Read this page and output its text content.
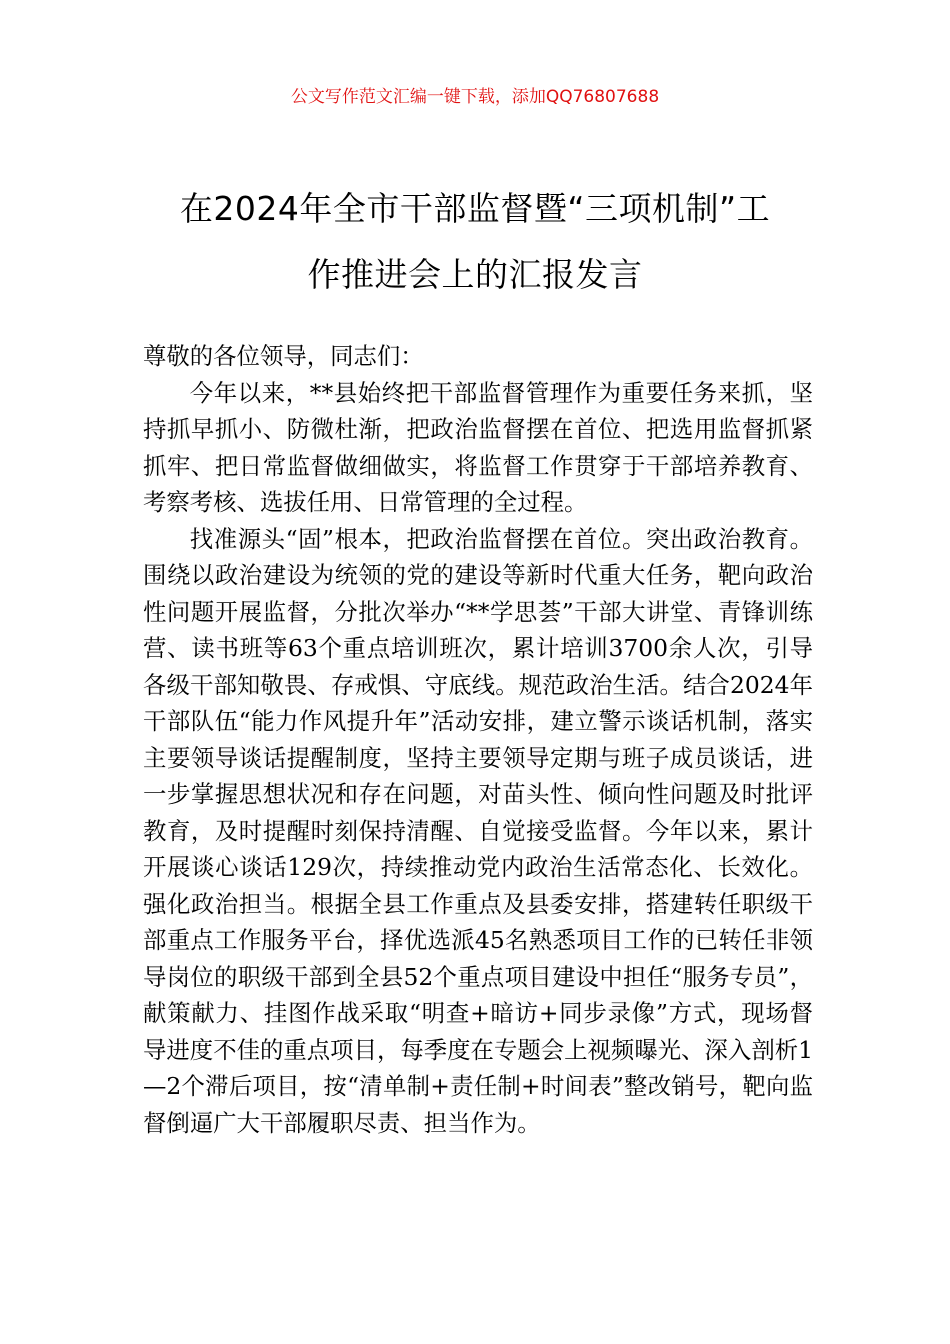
公文写作范文汇编一键下载，添加QQ76807688
在2024年全市干部监督暨“三项机制”工
作推进会上的汇报发言

尊敬的各位领导，同志们：

今年以来，**县始终把干部监督管理作为重要任务来抓，坚持抓早抓小、防微杜渐，把政治监督摆在首位、把选用监督抓紧抓牢、把日常监督做细做实，将监督工作贯穿于干部培养教育、考察考核、选拔任用、日常管理的全过程。

找准源头“固”根本，把政治监督摆在首位。突出政治教育。围绕以政治建设为统领的党的建设等新时代重大任务，靶向政治性问题开展监督，分批次举办“**学思荟”干部大讲堂、青锋训练营、读书班等63个重点培训班次，累计培训3700余人次，引导各级干部知敬畏、存戒惧、守底线。规范政治生活。结合2024年干部队伍“能力作风提升年”活动安排，建立警示谈话机制，落实主要领导谈话提醒制度，坚持主要领导定期与班子成员谈话，进一步掌握思想状况和存在问题，对苗头性、倾向性问题及时批评教育，及时提醒时刻保持清醒、自觉接受监督。今年以来，累计开展谈心谈话129次，持续推动党内政治生活常态化、长效化。强化政治担当。根据全县工作重点及县委安排，搭建转任职级干部重点工作服务平台，择优选派45名熟悉项目工作的已转任非领导岗位的职级干部到全县52个重点项目建设中担任“服务专员”，献策献力、挂图作战采取“明查+暗访+同步录像”方式，现场督导进度不佳的重点项目，每季度在专题会上视频曝光、深入剖析1—2个滞后项目，按“清单制+责任制+时间表”整改销号，靶向监督倒逼广大干部履职尽责、担当作为。
